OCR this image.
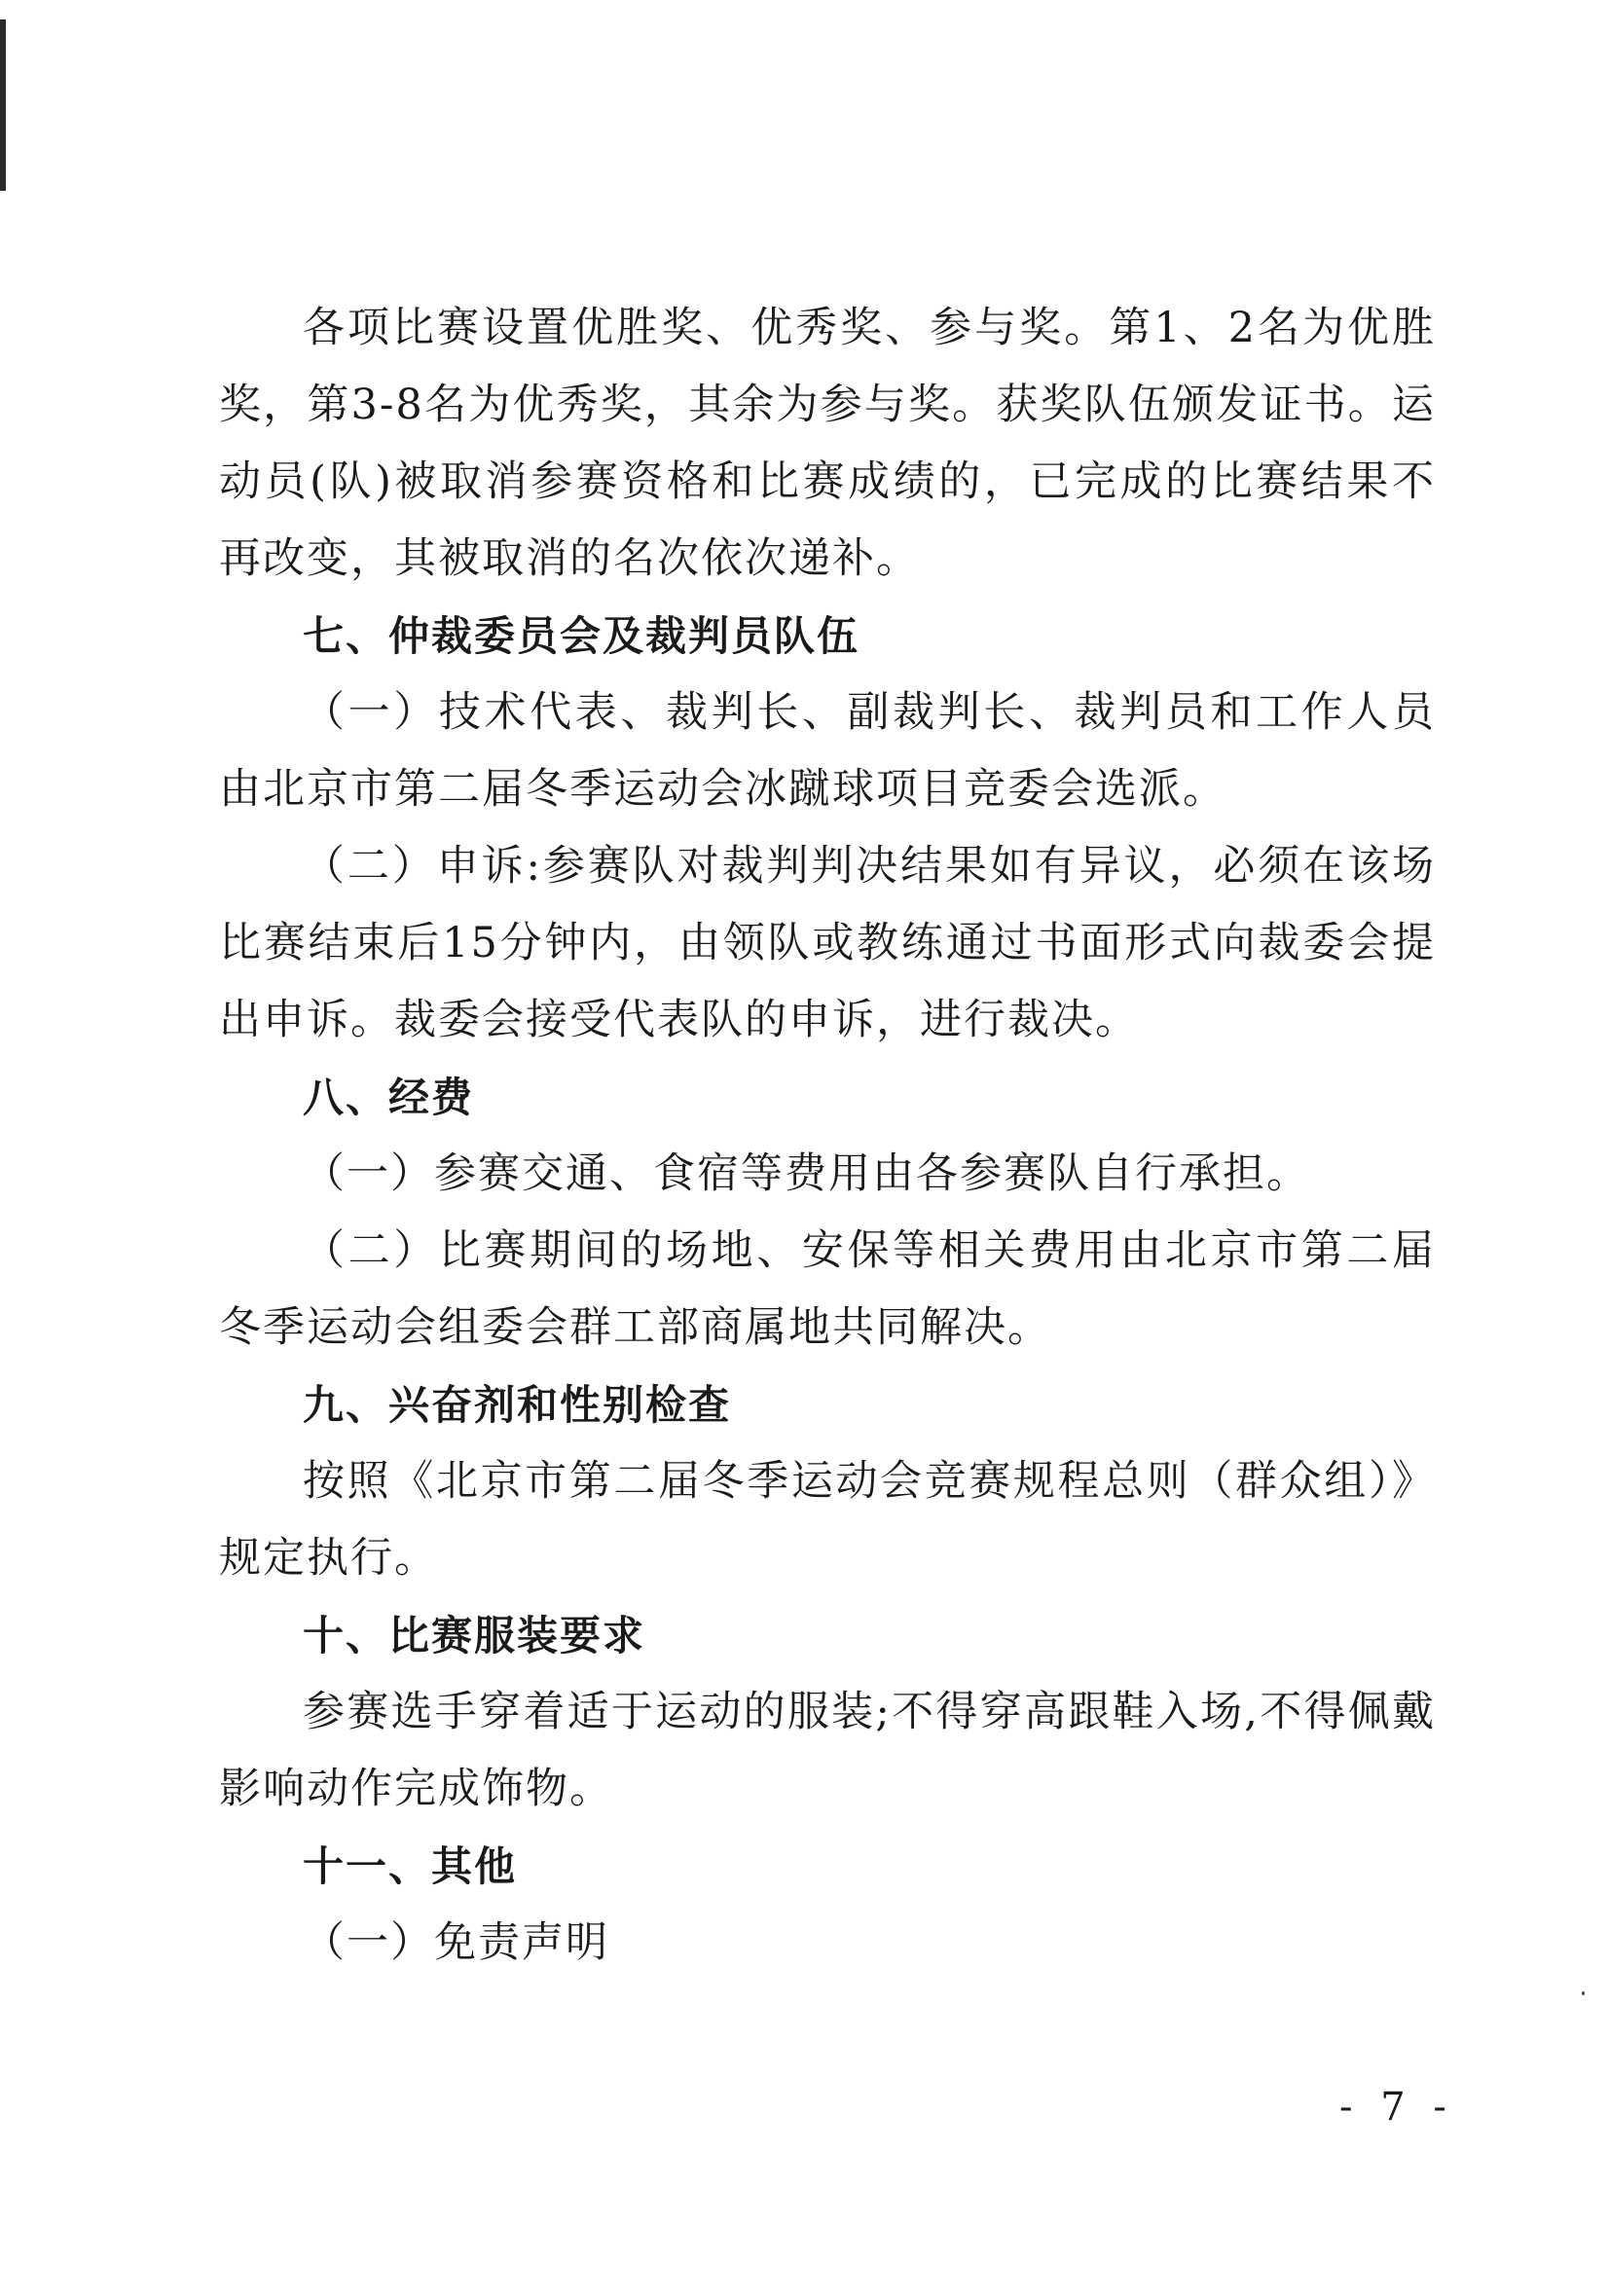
各项比赛设置优胜奖、优秀奖、参与奖。第1、2名为优胜奖，第3-8名为优秀奖，其余为参与奖。获奖队伍颁发证书。运动员(队)被取消参赛资格和比赛成绩的，已完成的比赛结果不再改变，其被取消的名次依次递补。

七、仲裁委员会及裁判员队伍

（一）技术代表、裁判长、副裁判长、裁判员和工作人员由北京市第二届冬季运动会冰蹴球项目竞委会选派。

（二）申诉:参赛队对裁判判决结果如有异议，必须在该场比赛结束后15分钟内，由领队或教练通过书面形式向裁委会提出申诉。裁委会接受代表队的申诉，进行裁决。

八、经费

（一）参赛交通、食宿等费用由各参赛队自行承担。

（二）比赛期间的场地、安保等相关费用由北京市第二届冬季运动会组委会群工部商属地共同解决。

九、兴奋剂和性别检查

按照《北京市第二届冬季运动会竞赛规程总则（群众组）》规定执行。

十、比赛服装要求

参赛选手穿着适于运动的服装;不得穿高跟鞋入场,不得佩戴影响动作完成饰物。

十一、其他

（一）免责声明

- 7 -
